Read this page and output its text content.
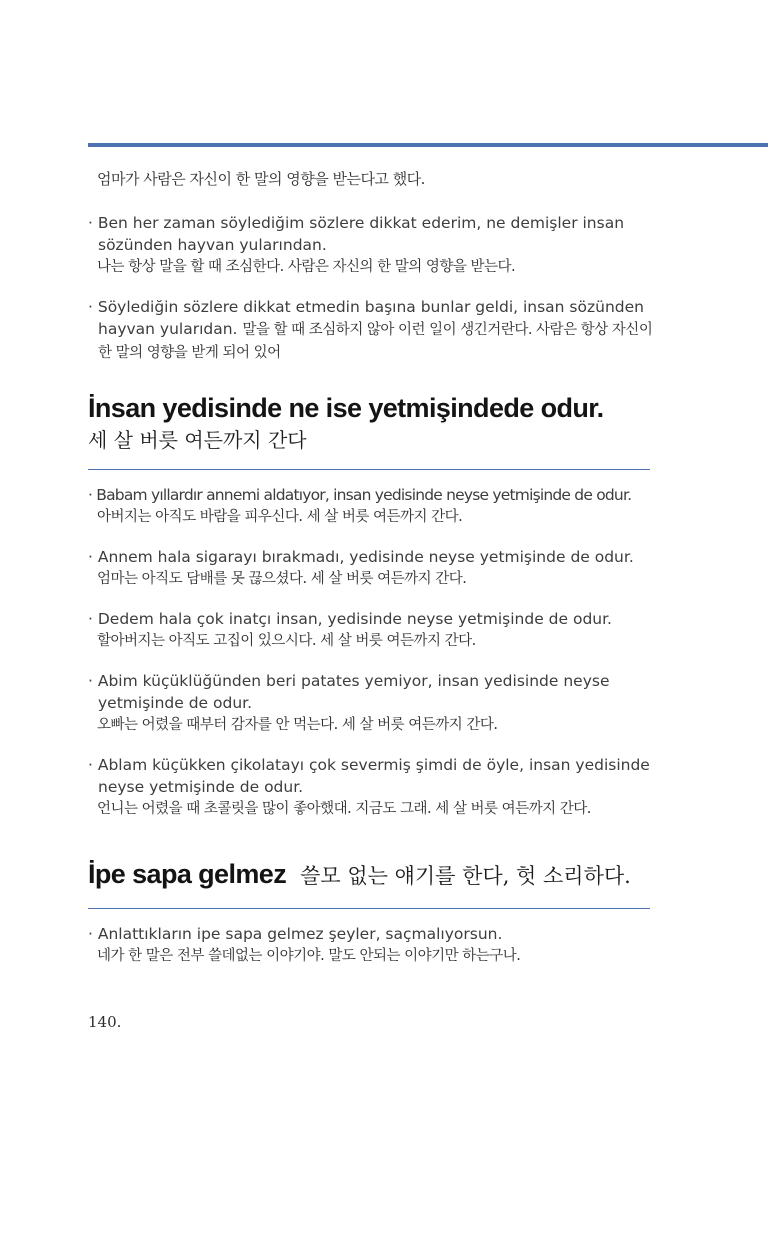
엄마가 사람은 자신이 한 말의 영향을 받는다고 했다.

· Ben her zaman söylediğim sözlere dikkat ederim, ne demişler insan sözünden hayvan yularından.

나는 항상 말을 할 때 조심한다. 사람은 자신의 한 말의 영향을 받는다.

· Söylediğin sözlere dikkat etmedin başına bunlar geldi, insan sözünden hayvan yularıdan. 말을 할 때 조심하지 않아 이런 일이 생긴거란다. 사람은 항상 자신이 한 말의 영향을 받게 되어 있어

İnsan yedisinde ne ise yetmişindede odur.

세 살 버릇 여든까지 간다

· Babam yıllardır annemi aldatıyor, insan yedisinde neyse yetmişinde de odur.

아버지는 아직도 바람을 피우신다. 세 살 버릇 여든까지 간다.

· Annem hala sigarayı bırakmadı, yedisinde neyse yetmişinde de odur.

엄마는 아직도 담배를 못 끊으셨다. 세 살 버릇 여든까지 간다.

· Dedem hala çok inatçı insan, yedisinde neyse yetmişinde de odur.

할아버지는 아직도 고집이 있으시다. 세 살 버릇 여든까지 간다.

· Abim küçüklüğünden beri patates yemiyor, insan yedisinde neyse yetmişinde de odur.

오빠는 어렸을 때부터 감자를 안 먹는다. 세 살 버릇 여든까지 간다.

· Ablam küçükken çikolatayı çok severmiş şimdi de öyle, insan yedisinde neyse yetmişinde de odur.

언니는 어렸을 때 초콜릿을 많이 좋아했대. 지금도 그래. 세 살 버릇 여든까지 간다.

İpe sapa gelmez 쓸모 없는 얘기를 한다, 헛 소리하다.

· Anlattıkların ipe sapa gelmez şeyler, saçmalıyorsun.

네가 한 말은 전부 쓸데없는 이야기야. 말도 안되는 이야기만 하는구나.

140.
